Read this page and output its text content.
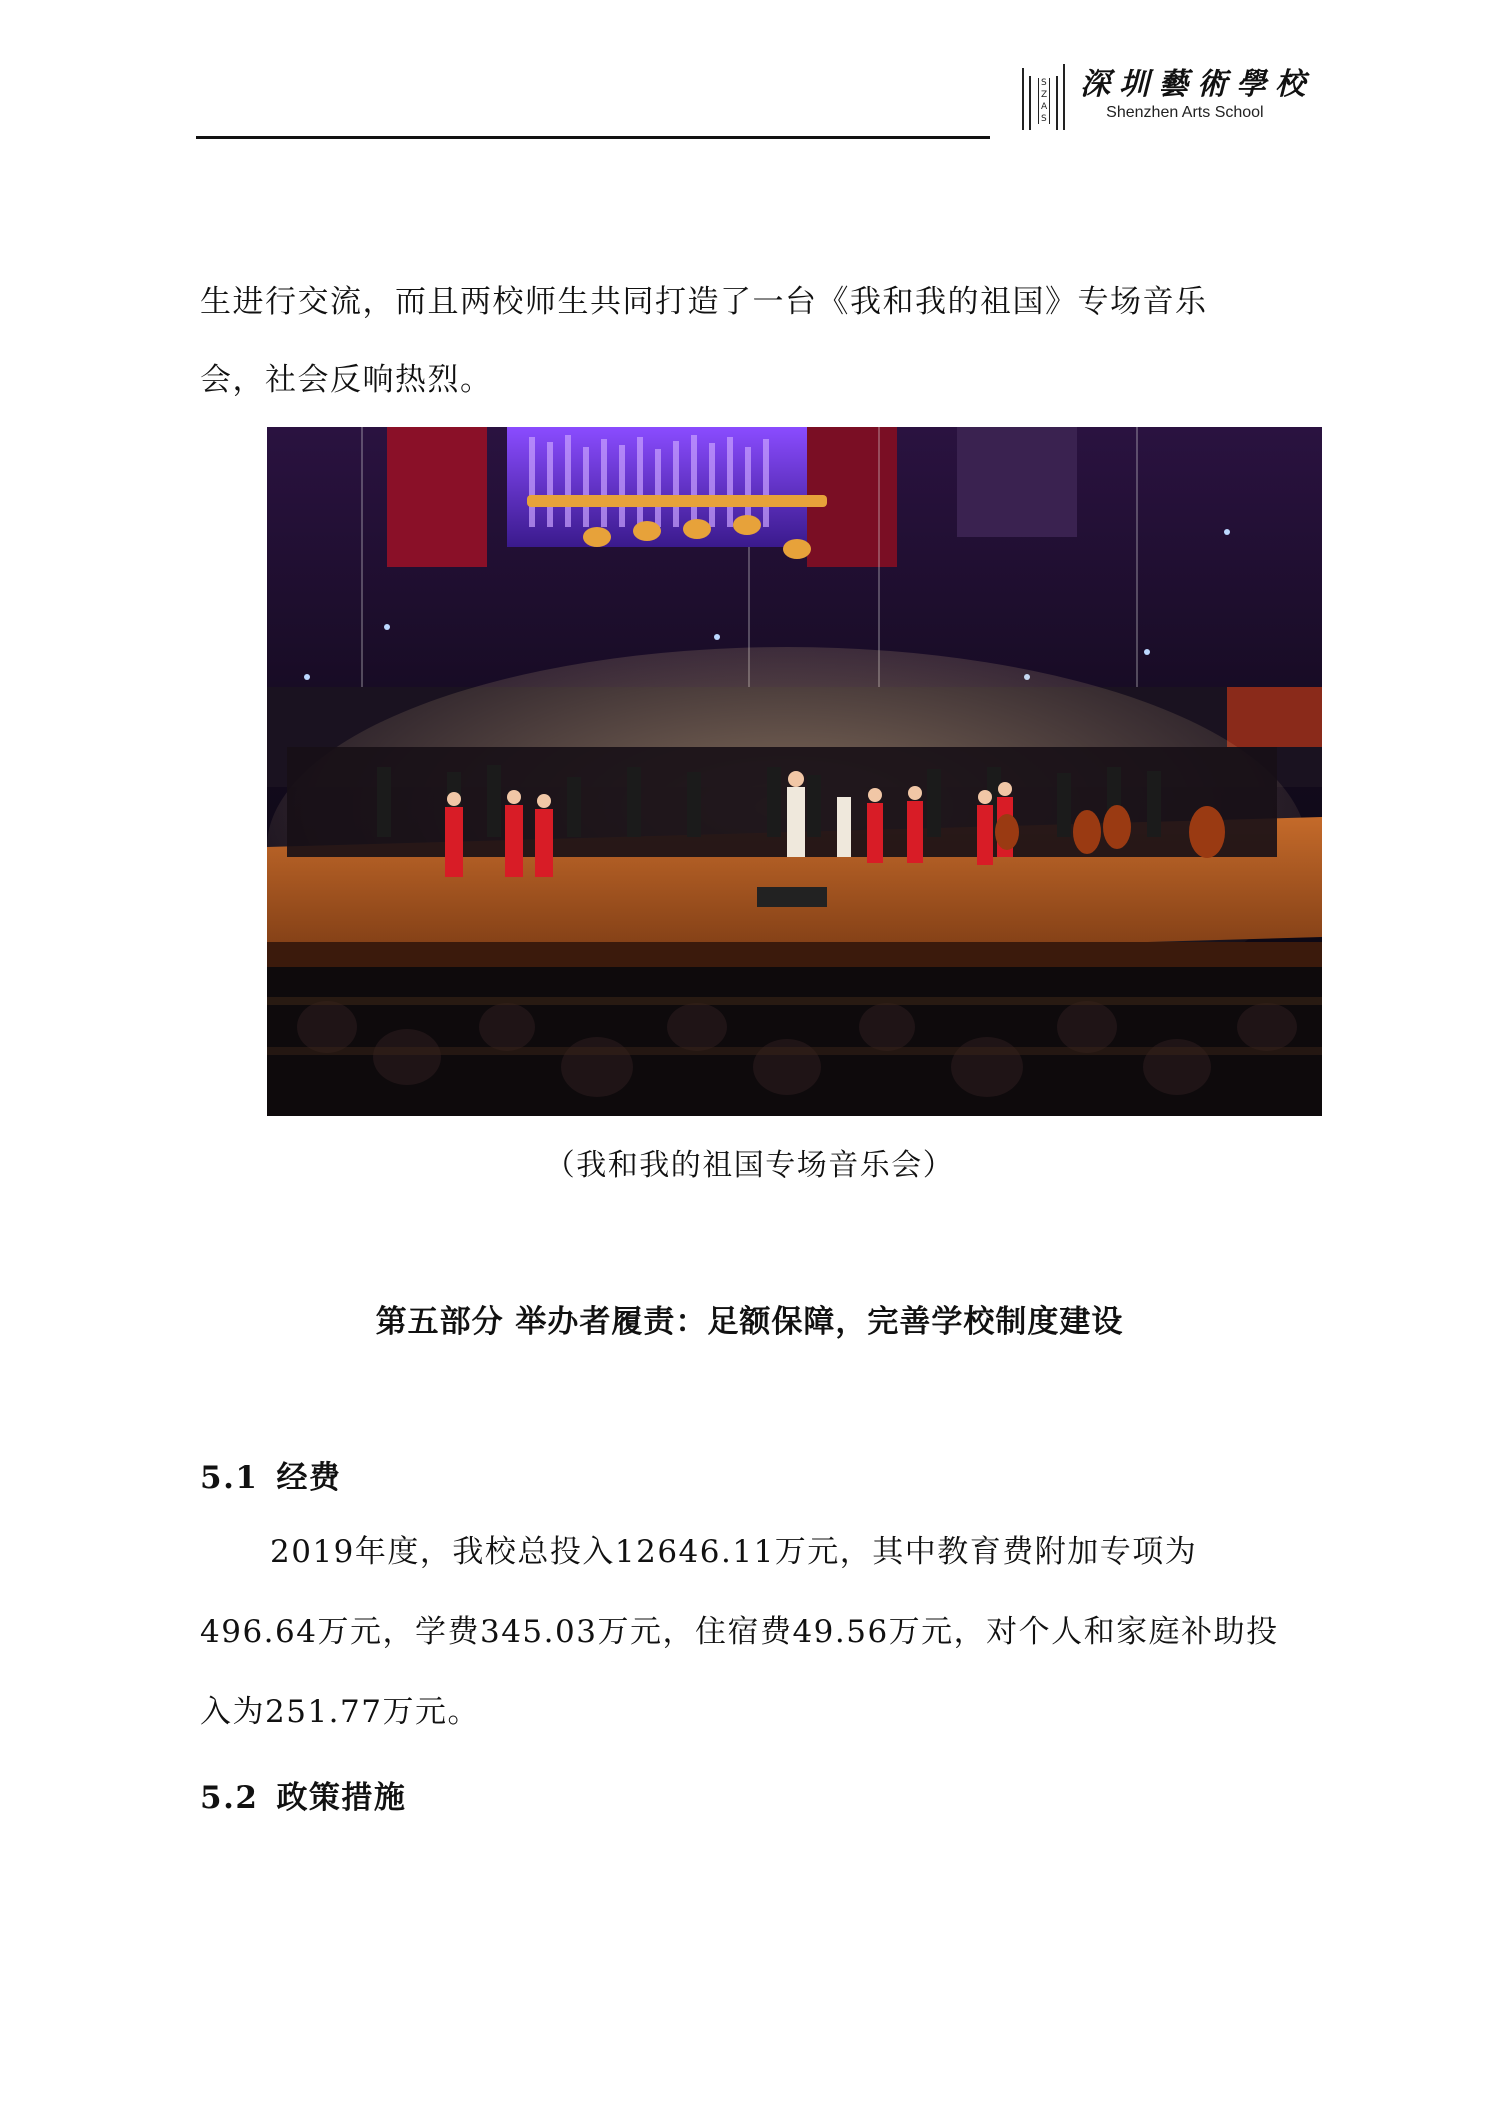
S
Z
A
S
深圳藝術學校
Shenzhen Arts School
生进行交流，而且两校师生共同打造了一台《我和我的祖国》专场音乐
会，社会反响热烈。
（我和我的祖国专场音乐会）
第五部分 举办者履责：足额保障，完善学校制度建设
5.1 经费
2019年度，我校总投入12646.11万元，其中教育费附加专项为
496.64万元，学费345.03万元，住宿费49.56万元，对个人和家庭补助投
入为251.77万元。
5.2 政策措施
